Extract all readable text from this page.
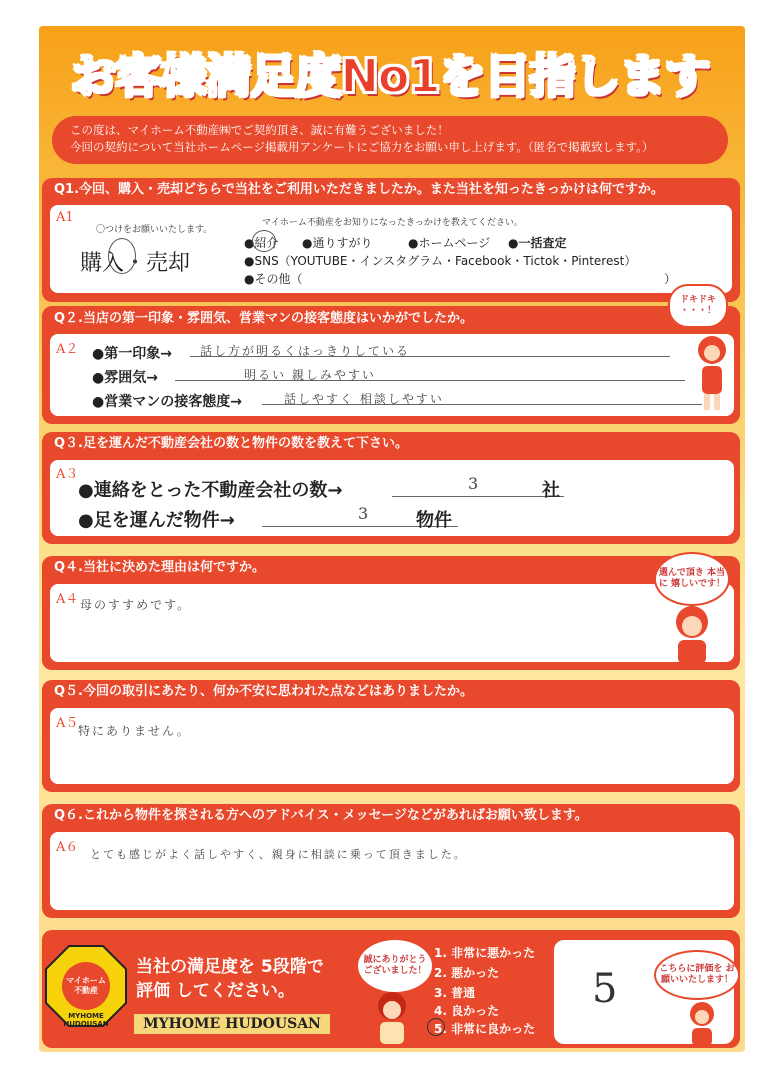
お客様満足度No1を目指します
この度は、マイホーム不動産㈱でご契約頂き、誠に有難うございました！
今回の契約について当社ホームページ掲載用アンケートにご協力をお願い申し上げます。（匿名で掲載致します。）
Q1.今回、購入・売却どちらで当社をご利用いただきましたか。また当社を知ったきっかけは何ですか。
A1
〇つけをお願いいたします。
購入・売却
マイホーム不動産をお知りになったきっかけを教えてください。
●紹介 ●通りすがり	●ホームページ ●一括査定
●SNS（YOUTUBE・インスタグラム・Facebook・Tictok・Pinterest）
●その他（	）
Q２.当店の第一印象・雰囲気、営業マンの接客態度はいかがでしたか。
A２ ●第一印象→ 話し方が明るくはっきりしている
●雰囲気→	明るい 親しみやすい
●営業マンの接客態度→	話しやすく 相談しやすい
ドキドキ ・・・！
Q３.足を運んだ不動産会社の数と物件の数を教えて下さい。
A３
●連絡をとった不動産会社の数→	3	社
●足を運んだ物件→	3	物件
Q４.当社に決めた理由は何ですか。
A４ 母のすすめです。
選んで頂き 本当に 嬉しいです！
Q５.今回の取引にあたり、何か不安に思われた点などはありましたか。
A５ 特にありません。
Q６.これから物件を探される方へのアドバイス・メッセージなどがあればお願い致します。
A６ とても感じがよく話しやすく、親身に相談に乗って頂きました。
MYHOME HUDOUSAN
マイホーム 不動産
当社の満足度を 5段階で
評価 してください。
MYHOME HUDOUSAN
誠にありがとう ございました！
1. 非常に悪かった
2. 悪かった
3. 普通
4. 良かった
5. 非常に良かった
5	こちらに評価を お願いいたします！
